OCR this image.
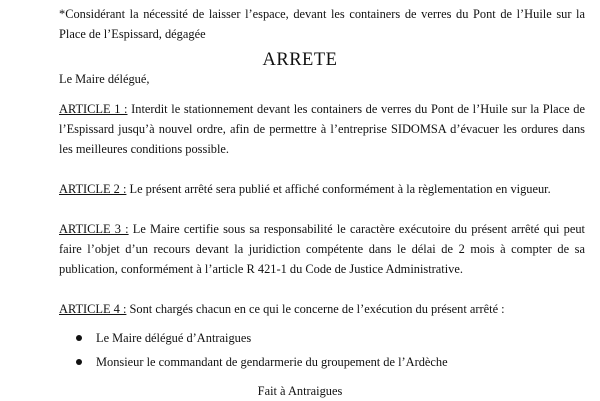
*Considérant la nécessité de laisser l’espace, devant les containers de verres du Pont de l’Huile sur la Place de l’Espissard, dégagée
ARRETE
Le Maire délégué,
ARTICLE 1 : Interdit le stationnement devant les containers de verres du Pont de l’Huile sur la Place de l’Espissard jusqu’à nouvel ordre, afin de permettre à l’entreprise SIDOMSA d’évacuer les ordures dans les meilleures conditions possible.
ARTICLE 2 : Le présent arrêté sera publié et affiché conformément à la règlementation en vigueur.
ARTICLE 3 : Le Maire certifie sous sa responsabilité le caractère exécutoire du présent arrêté qui peut faire l’objet d’un recours devant la juridiction compétente dans le délai de 2 mois à compter de sa publication, conformément à l’article R 421-1 du Code de Justice Administrative.
ARTICLE 4 : Sont chargés chacun en ce qui le concerne de l’exécution du présent arrêté :
Le Maire délégué d’Antraigues
Monsieur le commandant de gendarmerie du groupement de l’Ardèche
Fait à Antraigues
